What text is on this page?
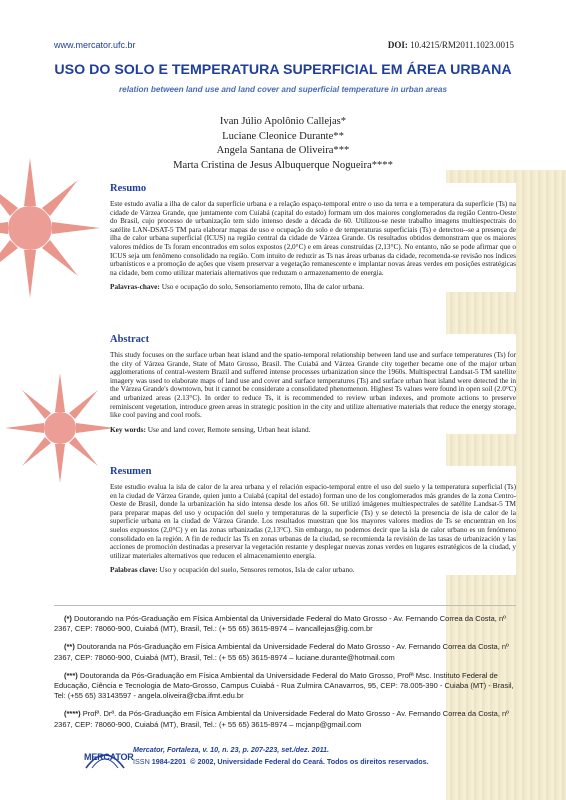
www.mercator.ufc.br	DOI: 10.4215/RM2011.1023.0015
USO DO SOLO E TEMPERATURA SUPERFICIAL EM ÁREA URBANA
relation between land use and land cover and superficial temperature in urban areas
Ivan Júlio Apolônio Callejas*
Luciane Cleonice Durante**
Angela Santana de Oliveira***
Marta Cristina de Jesus Albuquerque Nogueira****
Resumo

Este estudo avalia a ilha de calor da superfície urbana e a relação espaço-temporal entre o uso da terra e a temperatura da superfície (Ts) na cidade de Várzea Grande, que juntamente com Cuiabá (capital do estado) formam um dos maiores conglomerados da região Centro-Oeste do Brasil, cujo processo de urbanização tem sido intenso desde a década de 60. Utilizou-se neste trabalho imagens multiespectrais do satélite LAN-DSAT-5 TM para elaborar mapas de uso e ocupação do solo e de temperaturas superficiais (Ts) e detectou--se a presença de ilha de calor urbana superficial (ICUS) na região central da cidade de Várzea Grande. Os resultados obtidos demonstram que os maiores valores médios de Ts foram encontrados em solos expostos (2,0°C) e em áreas construídas (2,13°C). No entanto, não se pode afirmar que o ICUS seja um fenômeno consolidado na região. Com intuito de reduzir as Ts nas áreas urbanas da cidade, recomenda-se revisão nos índices urbanísticos e a promoção de ações que visem preservar a vegetação remanescente e implantar novas áreas verdes em posições estratégicas na cidade, bem como utilizar materiais alternativos que reduzam o armazenamento de energia.

Palavras-chave: Uso e ocupação do solo, Sensoriamento remoto, Ilha de calor urbana.
Abstract

This study focuses on the surface urban heat island and the spatio-temporal relationship between land use and surface temperatures (Ts) for the city of Várzea Grande, State of Mato Grosso, Brasil. The Cuiabá and Várzea Grande city together became one of the major urban agglomerations of central-western Brazil and suffered intense processes urbanization since the 1960s. Multispectral Landsat-5 TM satellite imagery was used to elaborate maps of land use and cover and surface temperatures (Ts) and surface urban heat island were detected the in the Várzea Grande's downtown, but it cannot be considerate a consolidated phenomenon. Highest Ts values were found in open soil (2.0°C) and urbanized areas (2.13°C). In order to reduce Ts, it is recommended to review urban indexes, and promote actions to preserve reminiscent vegetation, introduce green areas in strategic position in the city and utilize alternative materials that reduce the energy storage, like cool paving and cool roofs.

Key words: Use and land cover, Remote sensing, Urban heat island.
Resumen

Este estudio evalua la isla de calor de la area urbana y el relación espacio-temporal entre el uso del suelo y la temperatura superficial (Ts) en la ciudad de Várzea Grande, quien junto a Cuiabá (capital del estado) forman uno de los conglomerados más grandes de la zona Centro-Oeste de Brasil, donde la urbanización ha sido intensa desde los años 60. Se utilizó imágenes multiespectrales de satélite Landsat-5 TM para preparar mapas del uso y ocupación del suelo y temperaturas de la superficie (Ts) y se detectó la presencia de isla de calor de la superficie urbana en la ciudad de Várzea Grande. Los resultados muestran que los mayores valores medios de Ts se encuentran en los suelos expuestos (2,0°C) y en las zonas urbanizadas (2,13°C). Sin embargo, no podemos decir que la isla de calor urbano es un fenómeno consolidado en la región. A fin de reducir las Ts en zonas urbanas de la ciudad, se recomienda la revisión de las tasas de urbanización y las acciones de promoción destinadas a preservar la vegetación restante y desplegar nuevas zonas verdes en lugares estratégicos de la ciudad, y utilizar materiales alternativos que reducen el almacenamiento energía.

Palabras clave: Uso y ocupación del suelo, Sensores remotos, Isla de calor urbano.

(*) Doutorando na Pós-Graduação em Física Ambiental da Universidade Federal do Mato Grosso - Av. Fernando Correa da Costa, nº 2367, CEP: 78060-900, Cuiabá (MT), Brasil, Tel.: (+ 55 65) 3615-8974 – ivancallejas@ig.com.br

(**) Doutoranda na Pós-Graduação em Física Ambiental da Universidade Federal do Mato Grosso - Av. Fernando Correa da Costa, nº 2367, CEP: 78060-900, Cuiabá (MT), Brasil, Tel.: (+ 55 65) 3615-8974 – luciane.durante@hotmail.com

(***) Doutoranda da Pós-Graduação em Física Ambiental da Universidade Federal do Mato Grosso, Profª Msc. Instituto Federal de Educação, Ciência e Tecnologia de Mato-Grosso, Campus Cuiabá - Rua Zulmira CAnavarros, 95, CEP: 78.005-390 - Cuiaba (MT) - Brasil, Tel: (+55 65) 33143597 - angela.oliveira@cba.ifmt.edu.br

(****) Profª. Drª. da Pós-Graduação em Física Ambiental da Universidade Federal do Mato Grosso - Av. Fernando Correa da Costa, nº 2367, CEP: 78060-900, Cuiabá (MT), Brasil, Tel.: (+ 55 65) 3615-8974 – mcjanp@gmail.com

MERCATOR
Mercator, Fortaleza, v. 10, n. 23, p. 207-223, set./dez. 2011.
ISSN 1984-2201 © 2002, Universidade Federal do Ceará. Todos os direitos reservados.
